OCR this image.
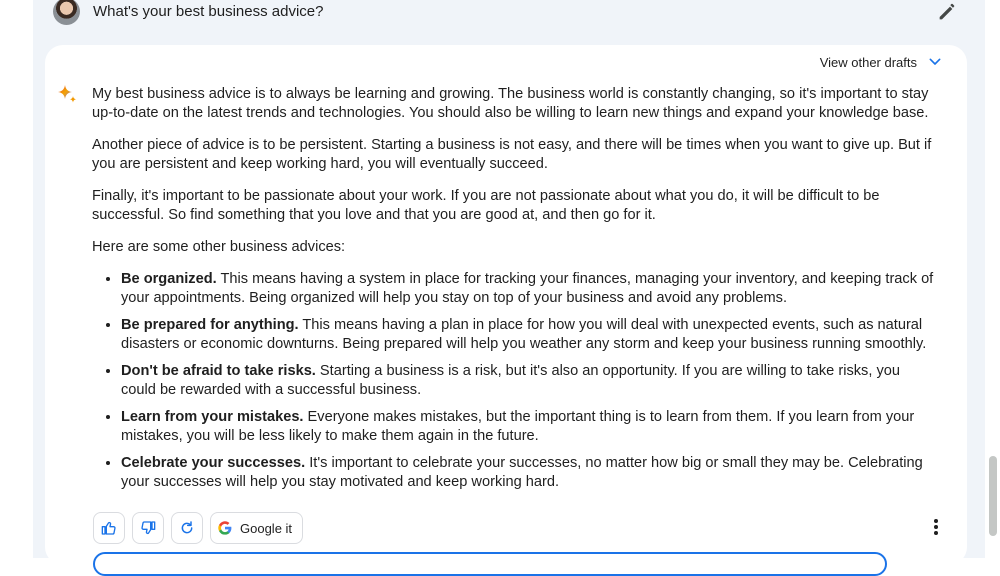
What's your best business advice?
View other drafts

My best business advice is to always be learning and growing. The business world is constantly changing, so it's important to stay up-to-date on the latest trends and technologies. You should also be willing to learn new things and expand your knowledge base.

Another piece of advice is to be persistent. Starting a business is not easy, and there will be times when you want to give up. But if you are persistent and keep working hard, you will eventually succeed.

Finally, it's important to be passionate about your work. If you are not passionate about what you do, it will be difficult to be successful. So find something that you love and that you are good at, and then go for it.

Here are some other business advices:

• Be organized. This means having a system in place for tracking your finances, managing your inventory, and keeping track of your appointments. Being organized will help you stay on top of your business and avoid any problems.
• Be prepared for anything. This means having a plan in place for how you will deal with unexpected events, such as natural disasters or economic downturns. Being prepared will help you weather any storm and keep your business running smoothly.
• Don't be afraid to take risks. Starting a business is a risk, but it's also an opportunity. If you are willing to take risks, you could be rewarded with a successful business.
• Learn from your mistakes. Everyone makes mistakes, but the important thing is to learn from them. If you learn from your mistakes, you will be less likely to make them again in the future.
• Celebrate your successes. It's important to celebrate your successes, no matter how big or small they may be. Celebrating your successes will help you stay motivated and keep working hard.
Google it
